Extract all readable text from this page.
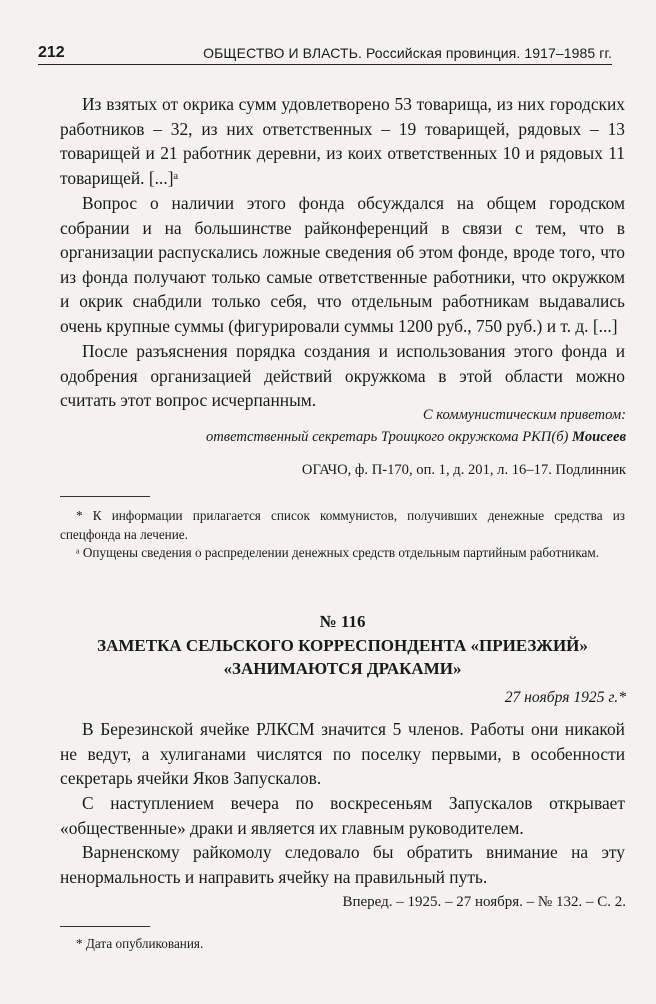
212	ОБЩЕСТВО И ВЛАСТЬ. Российская провинция. 1917–1985 гг.

Из взятых от окрика сумм удовлетворено 53 товарища, из них городских работников – 32, из них ответственных – 19 товарищей, рядовых – 13 товарищей и 21 работник деревни, из коих ответственных 10 и рядовых 11 товарищей. [...]ᵃ

Вопрос о наличии этого фонда обсуждался на общем городском собрании и на большинстве райконференций в связи с тем, что в организации распускались ложные сведения об этом фонде, вроде того, что из фонда получают только самые ответственные работники, что окружком и окрик снабдили только себя, что отдельным работникам выдавались очень крупные суммы (фигурировали суммы 1200 руб., 750 руб.) и т. д. [...]

После разъяснения порядка создания и использования этого фонда и одобрения организацией действий окружкома в этой области можно считать этот вопрос исчерпанным.

С коммунистическим приветом:
ответственный секретарь Троицкого окружкома РКП(б) Моисеев
ОГАЧО, ф. П-170, оп. 1, д. 201, л. 16–17. Подлинник

* К информации прилагается список коммунистов, получивших денежные средства из спецфонда на лечение.

ᵃ Опущены сведения о распределении денежных средств отдельным партийным работникам.

№ 116
ЗАМЕТКА СЕЛЬСКОГО КОРРЕСПОНДЕНТА «ПРИЕЗЖИЙ»
«ЗАНИМАЮТСЯ ДРАКАМИ»
27 ноября 1925 г.*

В Березинской ячейке РЛКСМ значится 5 членов. Работы они никакой не ведут, а хулиганами числятся по поселку первыми, в особенности секретарь ячейки Яков Запускалов.

С наступлением вечера по воскресеньям Запускалов открывает «общественные» драки и является их главным руководителем.

Варненскому райкомолу следовало бы обратить внимание на эту ненормальность и направить ячейку на правильный путь.

Вперед. – 1925. – 27 ноября. – № 132. – С. 2.

* Дата опубликования.
